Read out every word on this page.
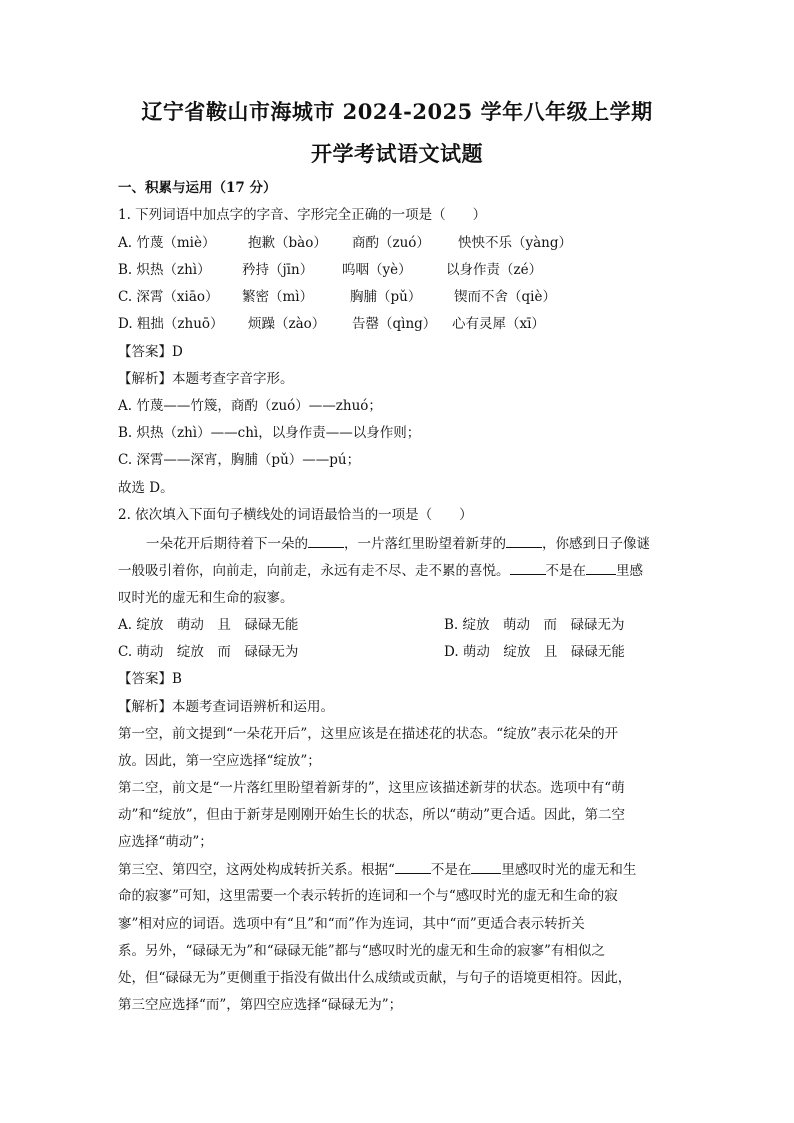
辽宁省鞍山市海城市 2024-2025 学年八年级上学期
开学考试语文试题
一、积累与运用（17 分）
1. 下列词语中加点字的字音、字形完全正确的一项是（　　）
A. 竹蔑（miè） 抱歉（bào） 商酌（zuó） 怏怏不乐（yàng）
B. 炽热（zhì） 矜持（jīn） 呜咽（yè）	以身作责（zé）
C. 深霄（xiāo） 繁密（mì）	胸脯（pǔ） 锲而不舍（qiè）
D. 粗拙（zhuō） 烦躁（zào） 告罄（qìng） 心有灵犀（xī）
【答案】D
【解析】本题考查字音字形。
A. 竹蔑——竹篾，商酌（zuó）——zhuó；
B. 炽热（zhì）——chì，以身作责——以身作则；
C. 深霄——深宵，胸脯（pǔ）——pú；
故选 D。
2. 依次填入下面句子横线处的词语最恰当的一项是（　　）
一朵花开后期待着下一朵的	，一片落红里盼望着新芽的	，你感到日子像谜
一般吸引着你，向前走，向前走，永远有走不尽、走不累的喜悦。	不是在 里感
叹时光的虚无和生命的寂寥。
A. 绽放　萌动　且　碌碌无能	B. 绽放　萌动　而　碌碌无为
C. 萌动　绽放　而　碌碌无为	D. 萌动　绽放　且　碌碌无能
【答案】B
【解析】本题考查词语辨析和运用。
第一空，前文提到“一朵花开后”，这里应该是在描述花的状态。“绽放”表示花朵的开
放。因此，第一空应选择“绽放”；
第二空，前文是“一片落红里盼望着新芽的”，这里应该描述新芽的状态。选项中有“萌
动”和“绽放”，但由于新芽是刚刚开始生长的状态，所以“萌动”更合适。因此，第二空
应选择“萌动”；
第三空、第四空，这两处构成转折关系。根据“	不是在 里感叹时光的虚无和生
命的寂寥”可知，这里需要一个表示转折的连词和一个与“感叹时光的虚无和生命的寂
寥”相对应的词语。选项中有“且”和“而”作为连词，其中“而”更适合表示转折关
系。另外，“碌碌无为”和“碌碌无能”都与“感叹时光的虚无和生命的寂寥”有相似之
处，但“碌碌无为”更侧重于指没有做出什么成绩或贡献，与句子的语境更相符。因此，
第三空应选择“而”，第四空应选择“碌碌无为”；
